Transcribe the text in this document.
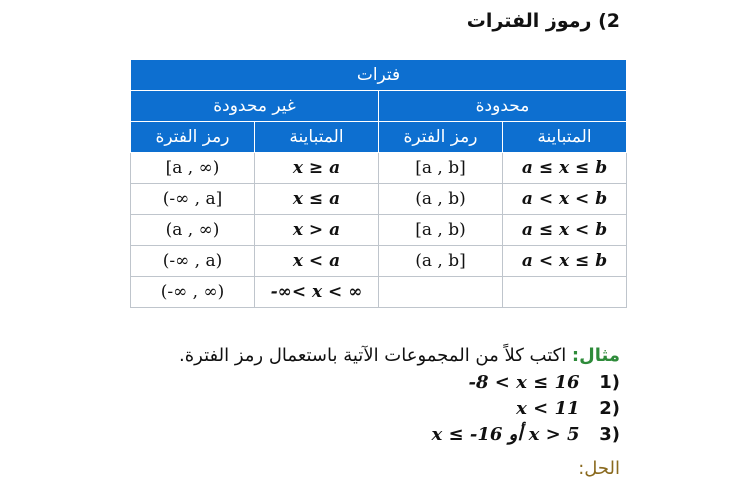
2) رموز الفترات
فترات			
محدودة		غير محدودة	
المتباينة	رمز الفترة	المتباينة	رمز الفترة
a ≤ x ≤ b	[a , b]	x ≥ a	[a , ∞)
a < x < b	(a , b)	x ≤ a	(-∞ , a]
a ≤ x < b	[a , b)	x > a	(a , ∞)
a < x ≤ b	(a , b]	x < a	(-∞ , a)
		-∞< x < ∞	(-∞ , ∞)
مثال: اكتب كلاً من المجموعات الآتية باستعمال رمز الفترة.
-8 < x ≤ 16 1)
x < 11 2)
x ≤ -16 أو x > 5 3)
الحل:
